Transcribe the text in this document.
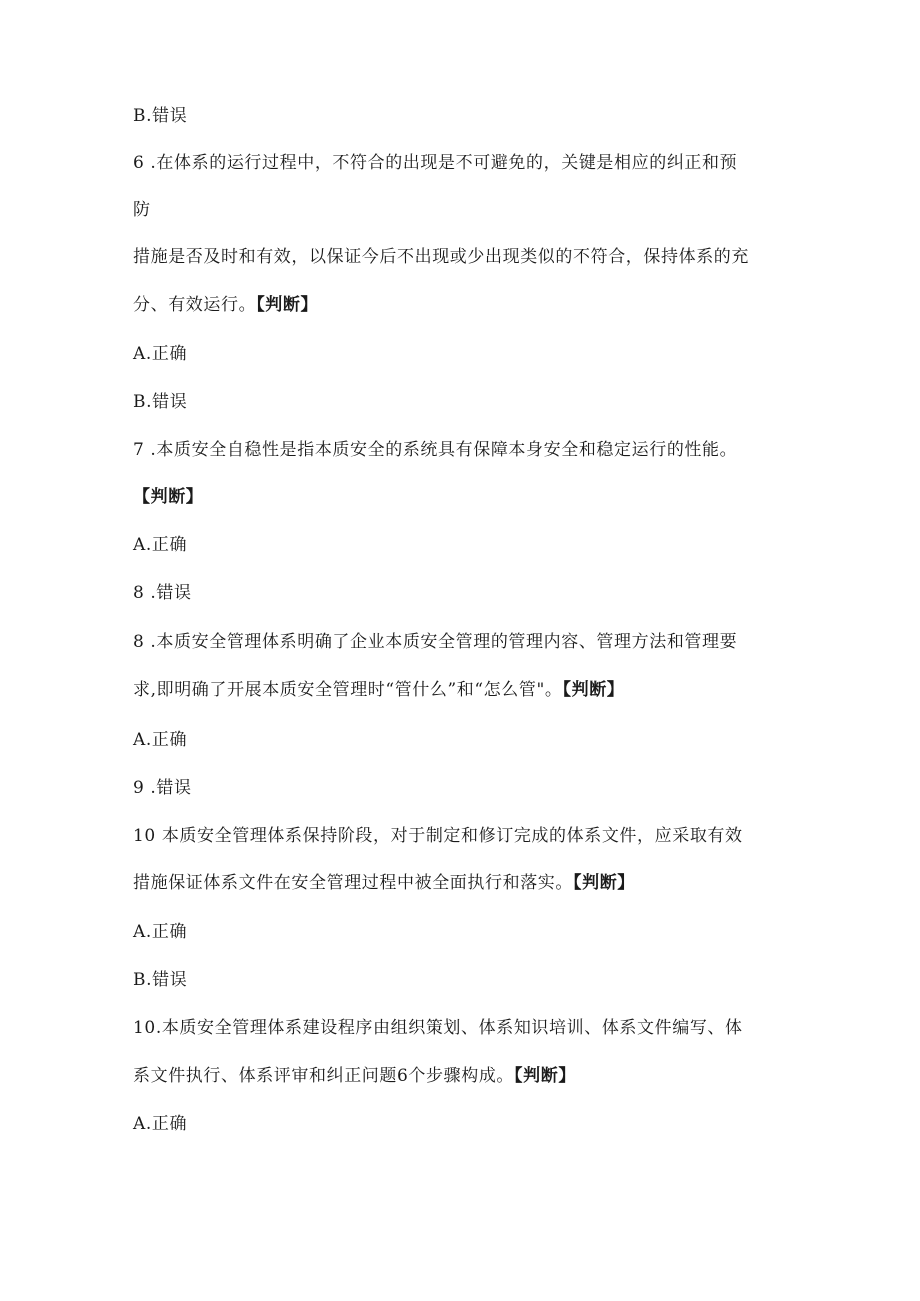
B.错误
6 .在体系的运行过程中，不符合的出现是不可避免的，关键是相应的纠正和预
防
措施是否及时和有效，以保证今后不出现或少出现类似的不符合，保持体系的充
分、有效运行。【判断】
A.正确
B.错误
7 .本质安全自稳性是指本质安全的系统具有保障本身安全和稳定运行的性能。
【判断】
A.正确
8 .错误
8 .本质安全管理体系明确了企业本质安全管理的管理内容、管理方法和管理要
求,即明确了开展本质安全管理时“管什么”和“怎么管"。【判断】
A.正确
9 .错误
10 本质安全管理体系保持阶段，对于制定和修订完成的体系文件，应采取有效
措施保证体系文件在安全管理过程中被全面执行和落实。【判断】
A.正确
B.错误
10.本质安全管理体系建设程序由组织策划、体系知识培训、体系文件编写、体
系文件执行、体系评审和纠正问题6个步骤构成。【判断】
A.正确
